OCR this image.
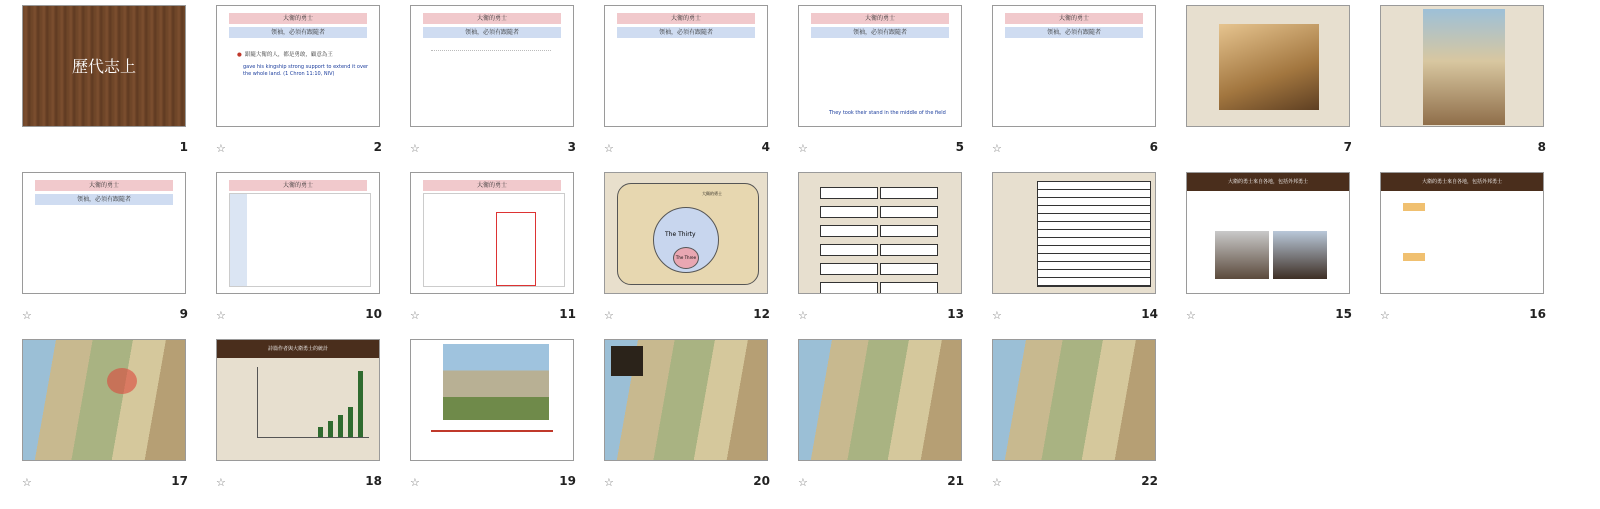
歷代志上
1
大衛的勇士
領袖，必須有跟隨者
● 跟隨大衛的人，都是勇敢，顧意為王
gave his kingship strong support to extend it over the whole land. (1 Chron 11:10, NIV)
2
☆
大衛的勇士
領袖，必須有跟隨者
3
☆
大衛的勇士
領袖，必須有跟隨者
4
☆
大衛的勇士
領袖，必須有跟隨者
They took their stand in the middle of the field
5
☆
大衛的勇士
領袖，必須有跟隨者
6
☆	7	8
大衛的勇士
領袖，必須有跟隨者
9
☆
大衛的勇士
10
☆
大衛的勇士
11
☆
大衛的勇士
The Thirty
The Three
12
☆
	13
☆	14
☆
大衛的勇士來自各地，包括外邦勇士
15
☆
大衛的勇士來自各地，包括外邦勇士
16
☆
17
☆
詩篇作者與大衛勇士的統計
18
☆	19
☆	20
☆	21
☆	22
☆
